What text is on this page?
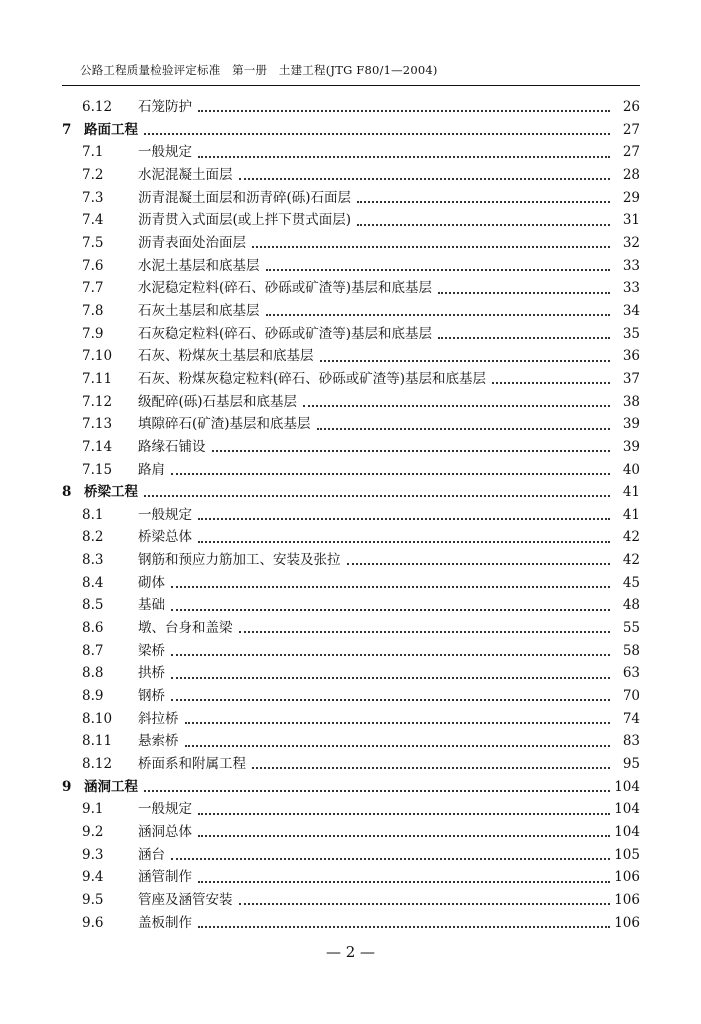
公路工程质量检验评定标准　第一册　土建工程(JTG F80/1—2004)
6.12	石笼防护	26
7 路面工程	27
7.1	一般规定	27
7.2	水泥混凝土面层	28
7.3	沥青混凝土面层和沥青碎(砾)石面层	29
7.4	沥青贯入式面层(或上拌下贯式面层)	31
7.5	沥青表面处治面层	32
7.6	水泥土基层和底基层	33
7.7	水泥稳定粒料(碎石、砂砾或矿渣等)基层和底基层	33
7.8	石灰土基层和底基层	34
7.9	石灰稳定粒料(碎石、砂砾或矿渣等)基层和底基层	35
7.10	石灰、粉煤灰土基层和底基层	36
7.11	石灰、粉煤灰稳定粒料(碎石、砂砾或矿渣等)基层和底基层	37
7.12	级配碎(砾)石基层和底基层	38
7.13	填隙碎石(矿渣)基层和底基层	39
7.14	路缘石铺设	39
7.15	路肩	40
8 桥梁工程	41
8.1	一般规定	41
8.2	桥梁总体	42
8.3	钢筋和预应力筋加工、安装及张拉	42
8.4	砌体	45
8.5	基础	48
8.6	墩、台身和盖梁	55
8.7	梁桥	58
8.8	拱桥	63
8.9	钢桥	70
8.10	斜拉桥	74
8.11	悬索桥	83
8.12	桥面系和附属工程	95
9 涵洞工程	104
9.1	一般规定	104
9.2	涵洞总体	104
9.3	涵台	105
9.4	涵管制作	106
9.5	管座及涵管安装	106
9.6	盖板制作	106
— 2 —
